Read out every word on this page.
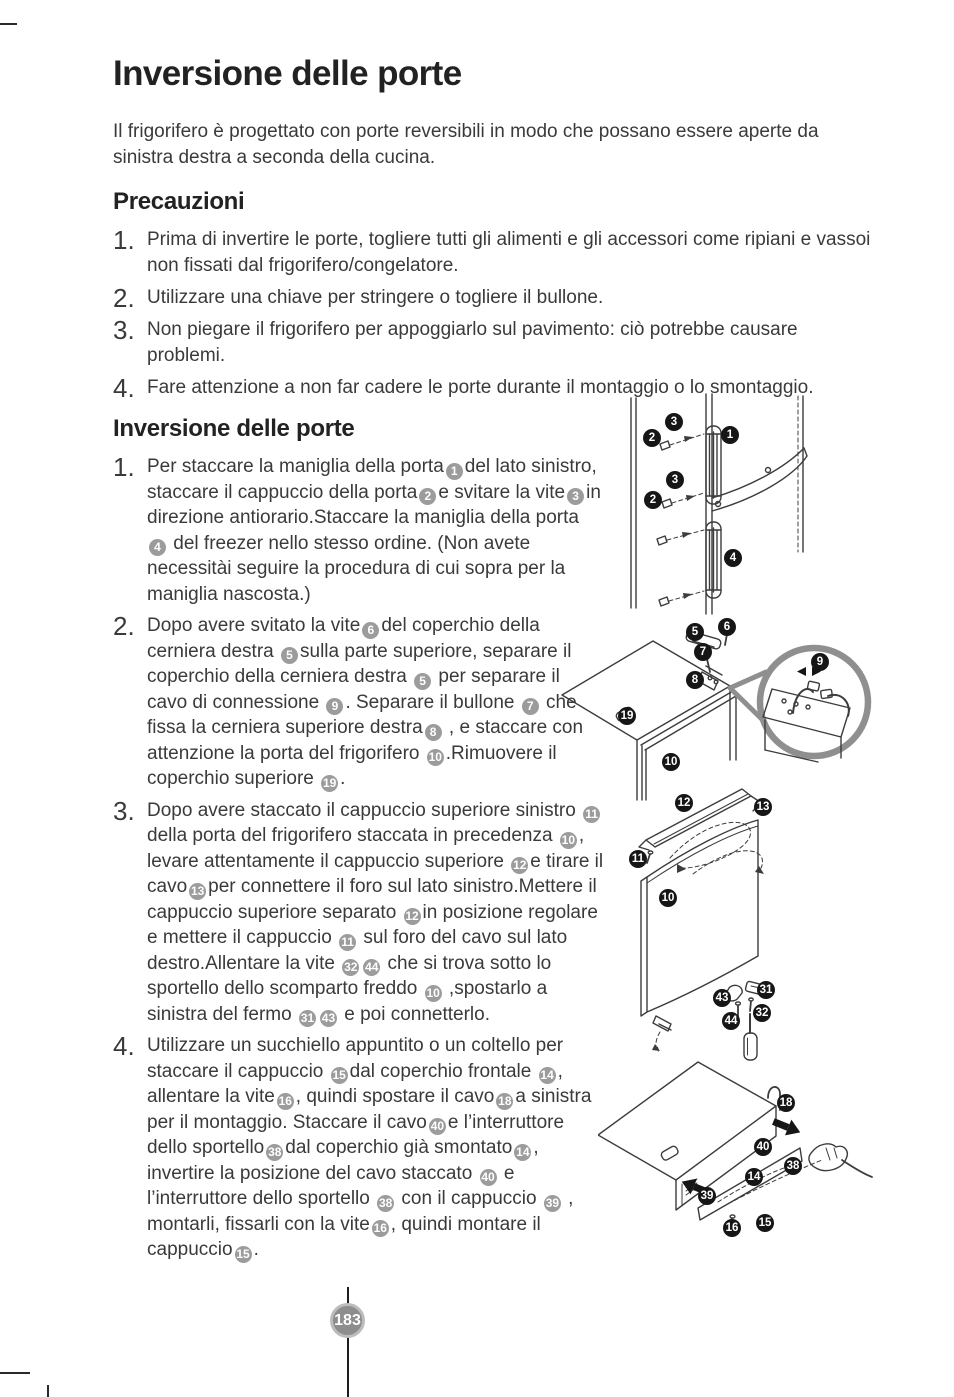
Inversione delle porte

Il frigorifero è progettato con porte reversibili in modo che possano essere aperte da sinistra destra a seconda della cucina.

Precauzioni
1. Prima di invertire le porte, togliere tutti gli alimenti e gli accessori come ripiani e vassoi non fissati dal frigorifero/congelatore.
2. Utilizzare una chiave per stringere o togliere il bullone.
3. Non piegare il frigorifero per appoggiarlo sul pavimento: ciò potrebbe causare problemi.
4. Fare attenzione a non far cadere le porte durante il montaggio o lo smontaggio.
Inversione delle porte
1. Per staccare la maniglia della porta 1 del lato sinistro, staccare il cappuccio della porta 2 e svitare la vite 3 in direzione antiorario.Staccare la maniglia della porta 4 del freezer nello stesso ordine. (Non avete necessitài seguire la procedura di cui sopra per la maniglia nascosta.)
2. Dopo avere svitato la vite 6 del coperchio della cerniera destra 5 sulla parte superiore, separare il coperchio della cerniera destra 5 per separare il cavo di connessione 9 . Separare il bullone 7 che fissa la cerniera superiore destra 8 , e staccare con attenzione la porta del frigorifero 10 .Rimuovere il coperchio superiore 19 .
3. Dopo avere staccato il cappuccio superiore sinistro 11della porta del frigorifero staccata in precedenza 10 , levare attentamente il cappuccio superiore 12 e tirare il cavo 13 per connettere il foro sul lato sinistro.Mettere il cappuccio superiore separato 12 in posizione regolare e mettere il cappuccio 11 sul foro del cavo sul lato destro.Allentare la vite 32 44 che si trova sotto lo sportello dello scomparto freddo 10 ,spostarlo a sinistra del fermo 31 43 e poi connetterlo.
4. Utilizzare un succhiello appuntito o un coltello per staccare il cappuccio 15 dal coperchio frontale 14 , allentare la vite 16 , quindi spostare il cavo 18 a sinistra per il montaggio. Staccare il cavo 40 e l’interruttore dello sportello 38 dal coperchio già smontato 14 , invertire la posizione del cavo staccato 40 e l’interruttore dello sportello 38 con il cappuccio 39 , montarli, fissarli con la vite 16 , quindi montare il cappuccio 15 .
3
2	1
3
2
4
5	6
7
8
19
10
9
12	13
11
10
43
31
44
32
18
40
38
14
39
16 15
183
